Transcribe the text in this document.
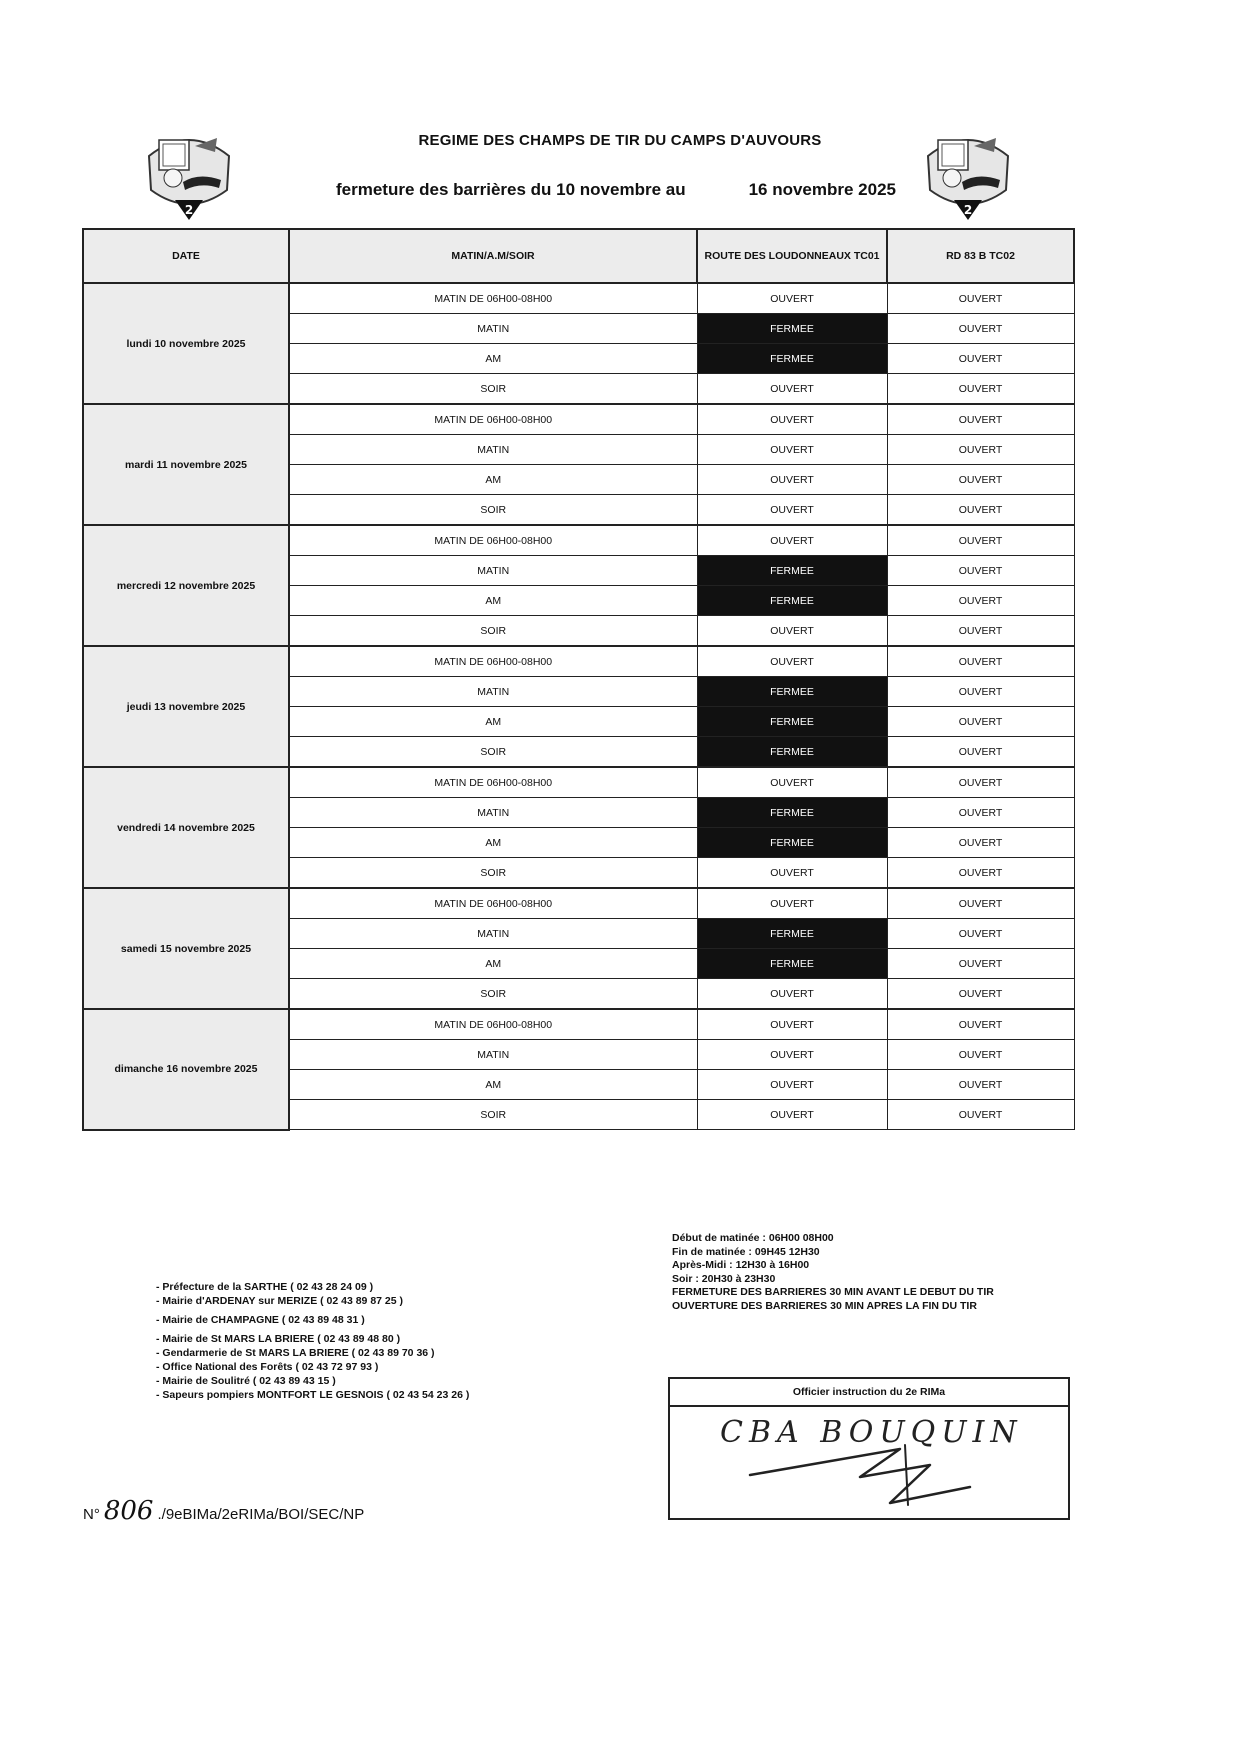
2	2
REGIME DES CHAMPS DE TIR DU CAMPS D'AUVOURS
fermeture des barrières du 10 novembre au	16 novembre 2025
DATE	MATIN/A.M/SOIR	ROUTE DES LOUDONNEAUX TC01	RD 83 B TC02
lundi 10 novembre 2025	MATIN DE 06H00-08H00	OUVERT	OUVERT
	MATIN	FERMEE	OUVERT
	AM	FERMEE	OUVERT
	SOIR	OUVERT	OUVERT
mardi 11 novembre 2025	MATIN DE 06H00-08H00	OUVERT	OUVERT
	MATIN	OUVERT	OUVERT
	AM	OUVERT	OUVERT
	SOIR	OUVERT	OUVERT
mercredi 12 novembre 2025	MATIN DE 06H00-08H00	OUVERT	OUVERT
	MATIN	FERMEE	OUVERT
	AM	FERMEE	OUVERT
	SOIR	OUVERT	OUVERT
jeudi 13 novembre 2025	MATIN DE 06H00-08H00	OUVERT	OUVERT
	MATIN	FERMEE	OUVERT
	AM	FERMEE	OUVERT
	SOIR	FERMEE	OUVERT
vendredi 14 novembre 2025	MATIN DE 06H00-08H00	OUVERT	OUVERT
	MATIN	FERMEE	OUVERT
	AM	FERMEE	OUVERT
	SOIR	OUVERT	OUVERT
samedi 15 novembre 2025	MATIN DE 06H00-08H00	OUVERT	OUVERT
	MATIN	FERMEE	OUVERT
	AM	FERMEE	OUVERT
	SOIR	OUVERT	OUVERT
dimanche 16 novembre 2025	MATIN DE 06H00-08H00	OUVERT	OUVERT
	MATIN	OUVERT	OUVERT
	AM	OUVERT	OUVERT
	SOIR	OUVERT	OUVERT
Début de matinée : 06H00 08H00
Fin de matinée : 09H45 12H30
Après-Midi : 12H30 à 16H00
Soir : 20H30 à 23H30
FERMETURE DES BARRIERES 30 MIN AVANT LE DEBUT DU TIR
OUVERTURE DES BARRIERES 30 MIN APRES LA FIN DU TIR
- Préfecture de la SARTHE ( 02 43 28 24 09 )
- Mairie d'ARDENAY sur MERIZE ( 02 43 89 87 25 )
- Mairie de CHAMPAGNE ( 02 43 89 48 31 )
- Mairie de St MARS LA BRIERE ( 02 43 89 48 80 )
- Gendarmerie de St MARS LA BRIERE ( 02 43 89 70 36 )
- Office National des Forêts ( 02 43 72 97 93 )
- Mairie de Soulitré ( 02 43 89 43 15 )
- Sapeurs pompiers MONTFORT LE GESNOIS ( 02 43 54 23 26 )	Officier instruction du 2e RIMa
CBA BOUQUIN
N° 806 ./9eBIMa/2eRIMa/BOI/SEC/NP
